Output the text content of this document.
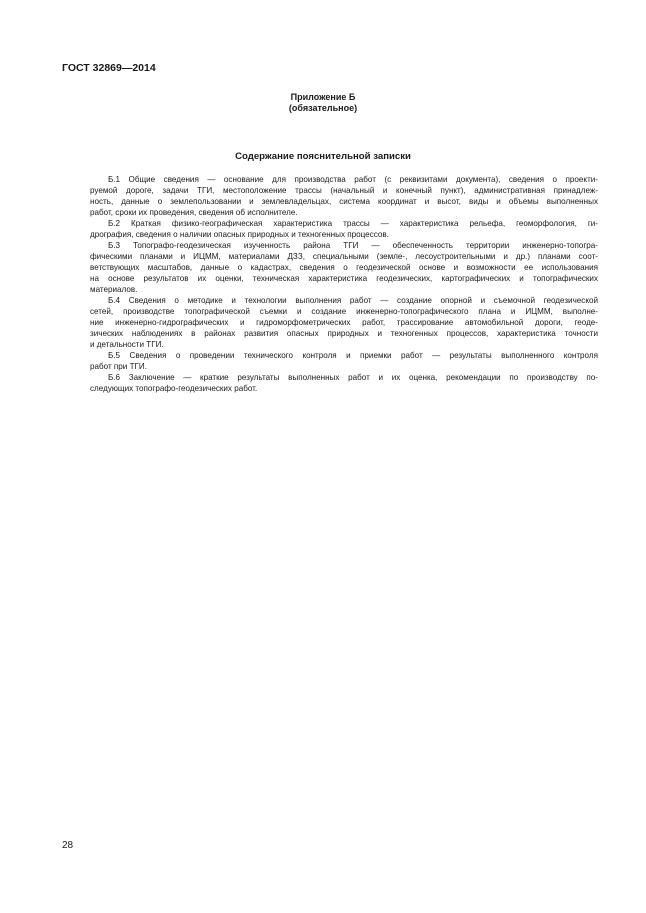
ГОСТ 32869—2014
Приложение Б
(обязательное)
Содержание пояснительной записки
Б.1 Общие сведения — основание для производства работ (с реквизитами документа), сведения о проекти-
руемой дороге, задачи ТГИ, местоположение трассы (начальный и конечный пункт), административная принадлеж-
ность, данные о землепользовании и землевладельцах, система координат и высот, виды и объемы выполненных
работ, сроки их проведения, сведения об исполнителе.
Б.2 Краткая физико-географическая характеристика трассы — характеристика рельефа, геоморфология, ги-
дрография, сведения о наличии опасных природных и техногенных процессов.
Б.3 Топографо-геодезическая изученность района ТГИ — обеспеченность территории инженерно-топогра-
фическими планами и ИЦММ, материалами ДЗЗ, специальными (земле-, лесоустроительными и др.) планами соот-
ветствующих масштабов, данные о кадастрах, сведения о геодезической основе и возможности ее использования
на основе результатов их оценки, техническая характеристика геодезических, картографических и топографических
материалов.
Б.4 Сведения о методике и технологии выполнения работ — создание опорной и съемочной геодезической
сетей, производстве топографической съемки и создание инженерно-топографического плана и ИЦММ, выполне-
ние инженерно-гидрографических и гидроморфометрических работ, трассирование автомобильной дороги, геоде-
зических наблюдениях в районах развития опасных природных и техногенных процессов, характеристика точности
и детальности ТГИ.
Б.5 Сведения о проведении технического контроля и приемки работ — результаты выполненного контроля
работ при ТГИ.
Б.6 Заключение — краткие результаты выполненных работ и их оценка, рекомендации по производству по-
следующих топографо-геодезических работ.
28
